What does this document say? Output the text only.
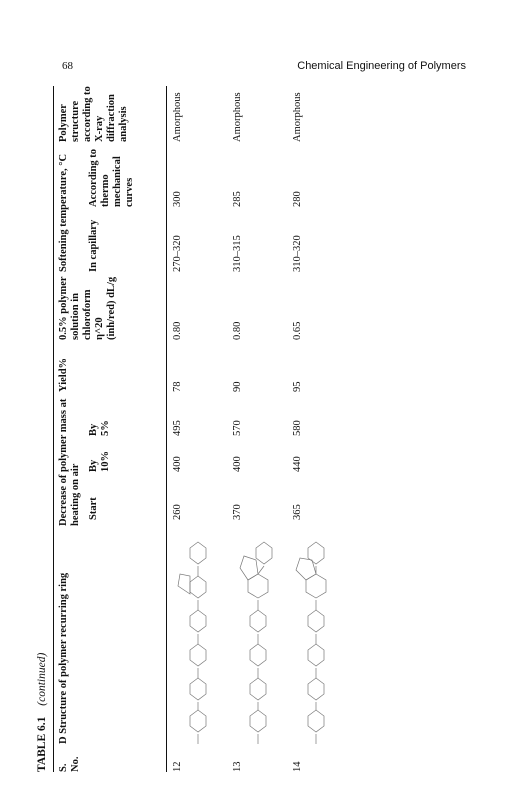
68	Chemical Engineering of Polymers
TABLE 6.1 (continued)
S. No.
D Structure of polymer recurring ring
Decrease of polymer mass at heating on air Start
By 10%
By 5%
Yield%
0.5% polymer solution in chloroform η^20 (inh/red) dL/g
Softening temperature, °C In capillary
According to thermo mechanical curves
Polymer structure according to X-ray diffraction analysis
12
260
400
495
78
0.80
270–320
300
Amorphous
13
370
400
570
90
0.80
310–315
285
Amorphous
14
365
440
580
95
0.65
310–320
280
Amorphous
